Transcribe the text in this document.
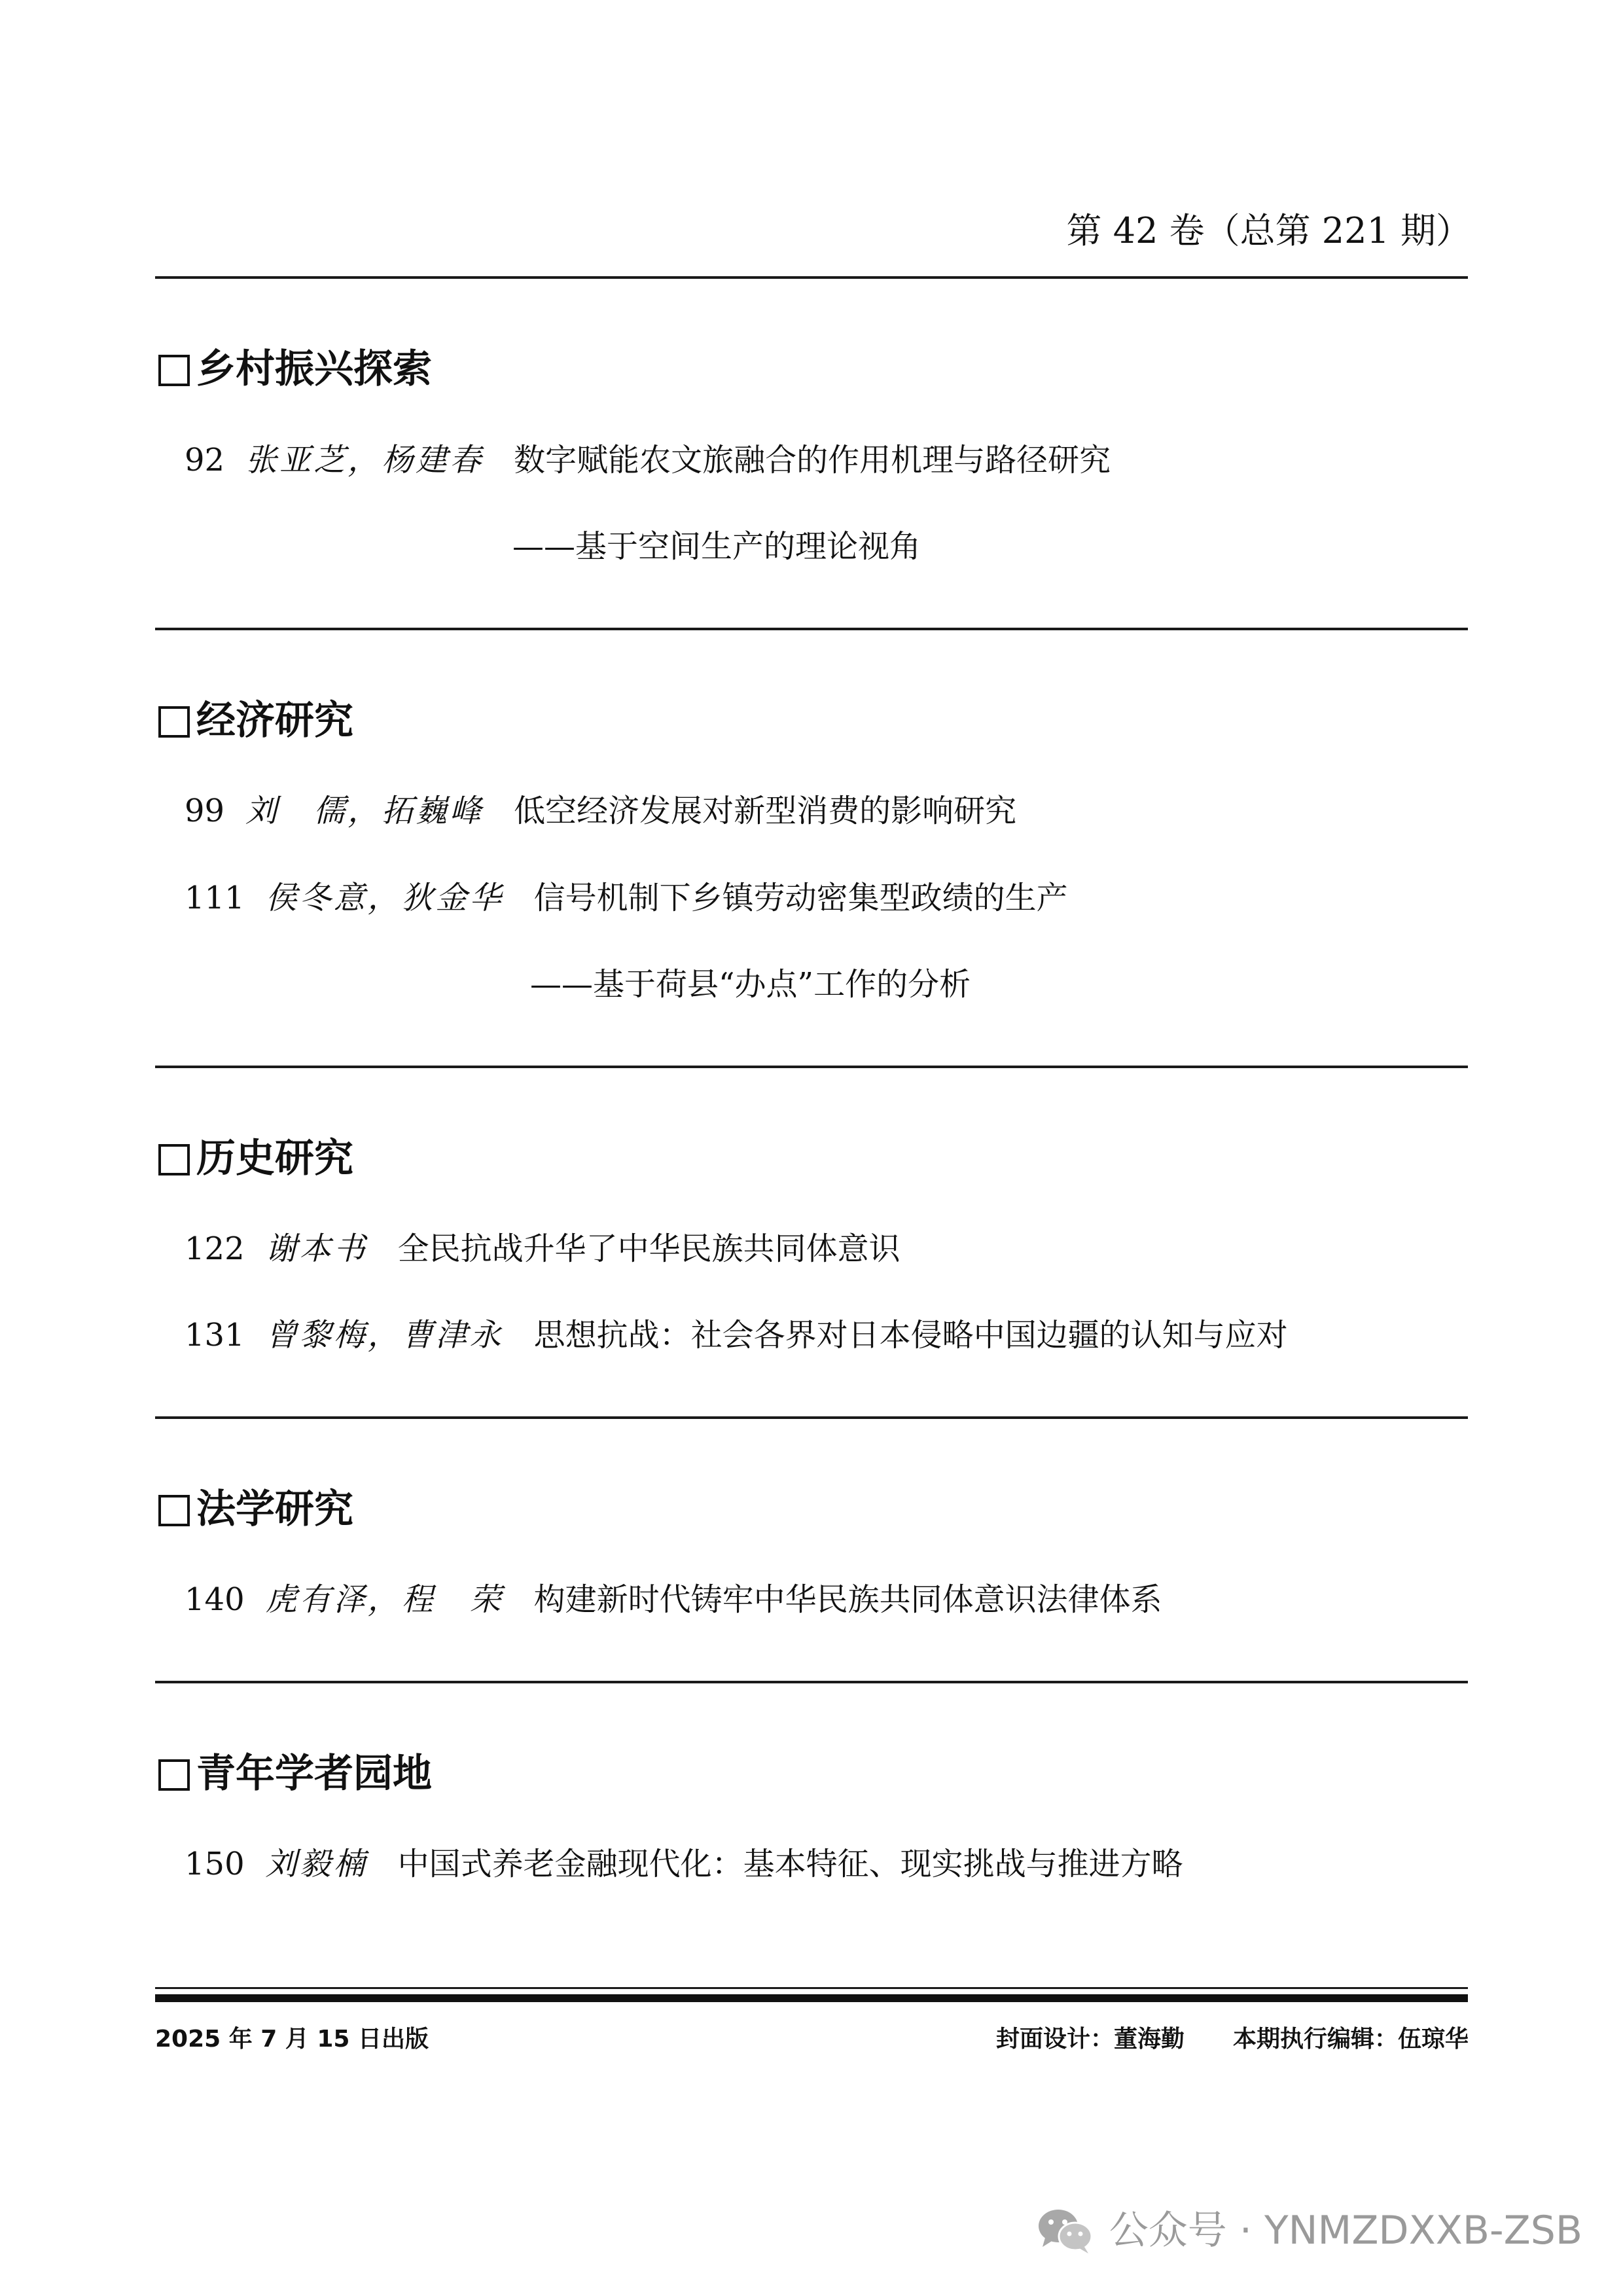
第 42 卷（总第 221 期）
乡村振兴探索
92 张亚芝，杨建春 数字赋能农文旅融合的作用机理与路径研究
——基于空间生产的理论视角
经济研究
99 刘　儒，拓巍峰 低空经济发展对新型消费的影响研究
111 侯冬意，狄金华 信号机制下乡镇劳动密集型政绩的生产
——基于荷县“办点”工作的分析
历史研究
122 谢本书 全民抗战升华了中华民族共同体意识
131 曾黎梅，曹津永 思想抗战：社会各界对日本侵略中国边疆的认知与应对
法学研究
140 虎有泽，程　荣 构建新时代铸牢中华民族共同体意识法律体系
青年学者园地
150 刘毅楠 中国式养老金融现代化：基本特征、现实挑战与推进方略
2025 年 7 月 15 日出版	封面设计：董海勤 本期执行编辑：伍琼华
公众号 · YNMZDXXB-ZSB
